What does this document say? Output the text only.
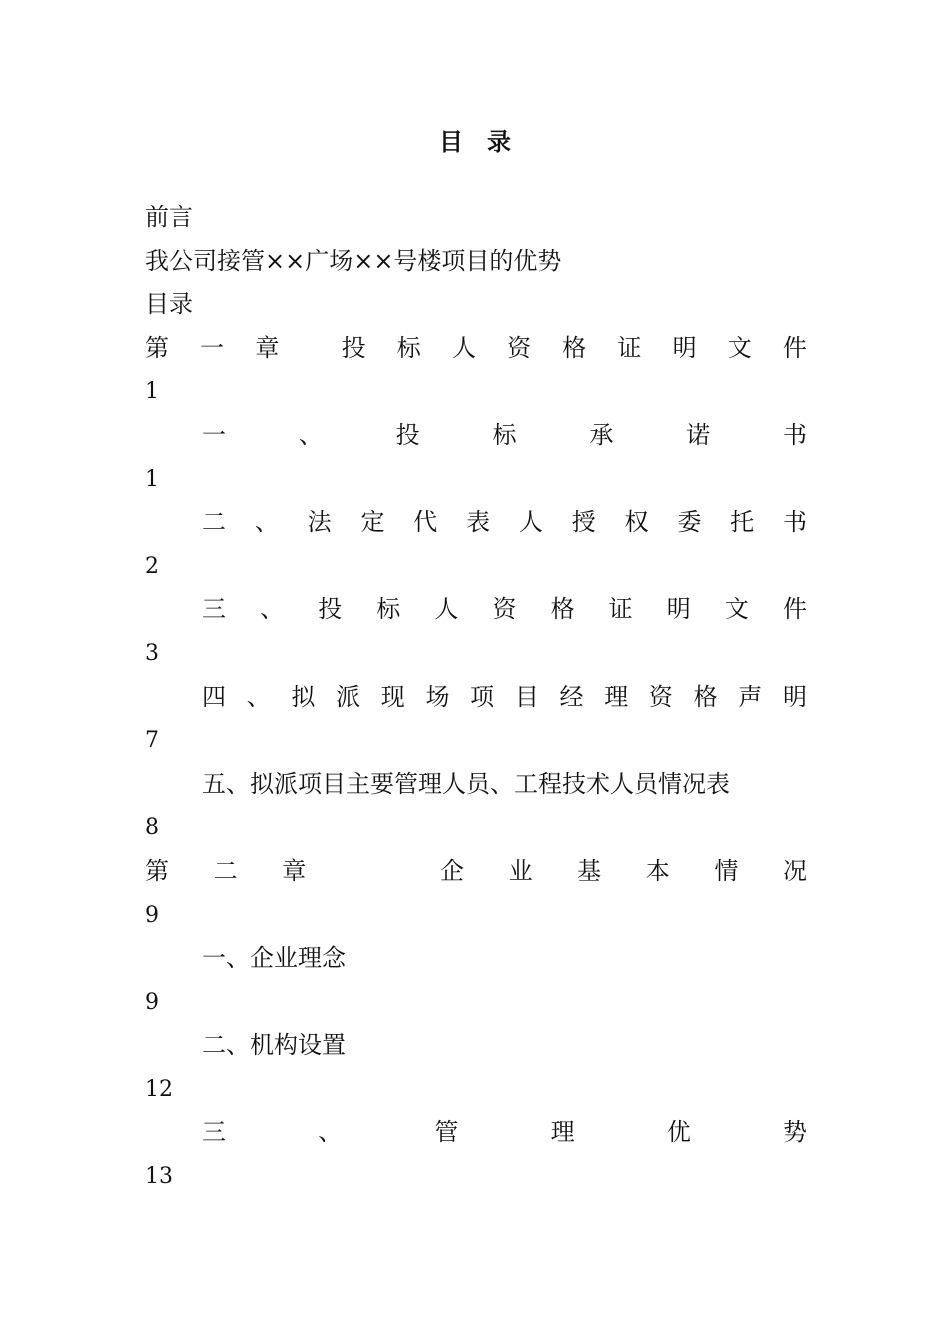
目 录
前言
我公司接管××广场××号楼项目的优势
目录
第 一 章	投 标 人 资 格 证 明 文 件
1
一	、	投	标	承	诺	书
1
二 、 法 定 代 表 人 授 权 委 托 书
2
三 、 投 标 人 资 格 证 明 文 件
3
四 、 拟 派 现 场 项 目 经 理 资 格 声 明
7
五、拟派项目主要管理人员、工程技术人员情况表
8
第 二 章	企 业 基 本 情 况
9
一、企业理念
9
二、机构设置
12
三	、	管	理	优	势
13
